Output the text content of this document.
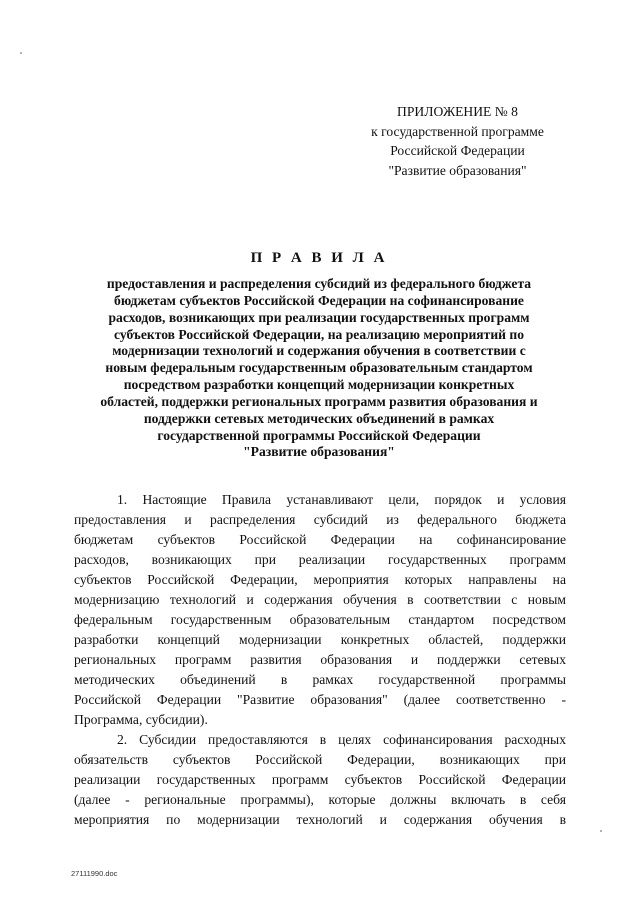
ПРИЛОЖЕНИЕ № 8
к государственной программе
Российской Федерации
"Развитие образования"
П Р А В И Л А
предоставления и распределения субсидий из федерального бюджета
бюджетам субъектов Российской Федерации на софинансирование
расходов, возникающих при реализации государственных программ
субъектов Российской Федерации, на реализацию мероприятий по
модернизации технологий и содержания обучения в соответствии с
новым федеральным государственным образовательным стандартом
посредством разработки концепций модернизации конкретных
областей, поддержки региональных программ развития образования и
поддержки сетевых методических объединений в рамках
государственной программы Российской Федерации
"Развитие образования"
1. Настоящие Правила устанавливают цели, порядок и условия
предоставления и распределения субсидий из федерального бюджета
бюджетам субъектов Российской Федерации на софинансирование
расходов, возникающих при реализации государственных программ
субъектов Российской Федерации, мероприятия которых направлены на
модернизацию технологий и содержания обучения в соответствии с новым
федеральным государственным образовательным стандартом посредством
разработки концепций модернизации конкретных областей, поддержки
региональных программ развития образования и поддержки сетевых
методических объединений в рамках государственной программы
Российской Федерации "Развитие образования" (далее соответственно -
Программа, субсидии).
2. Субсидии предоставляются в целях софинансирования расходных
обязательств субъектов Российской Федерации, возникающих при
реализации государственных программ субъектов Российской Федерации
(далее - региональные программы), которые должны включать в себя
мероприятия по модернизации технологий и содержания обучения в
27111990.doc
